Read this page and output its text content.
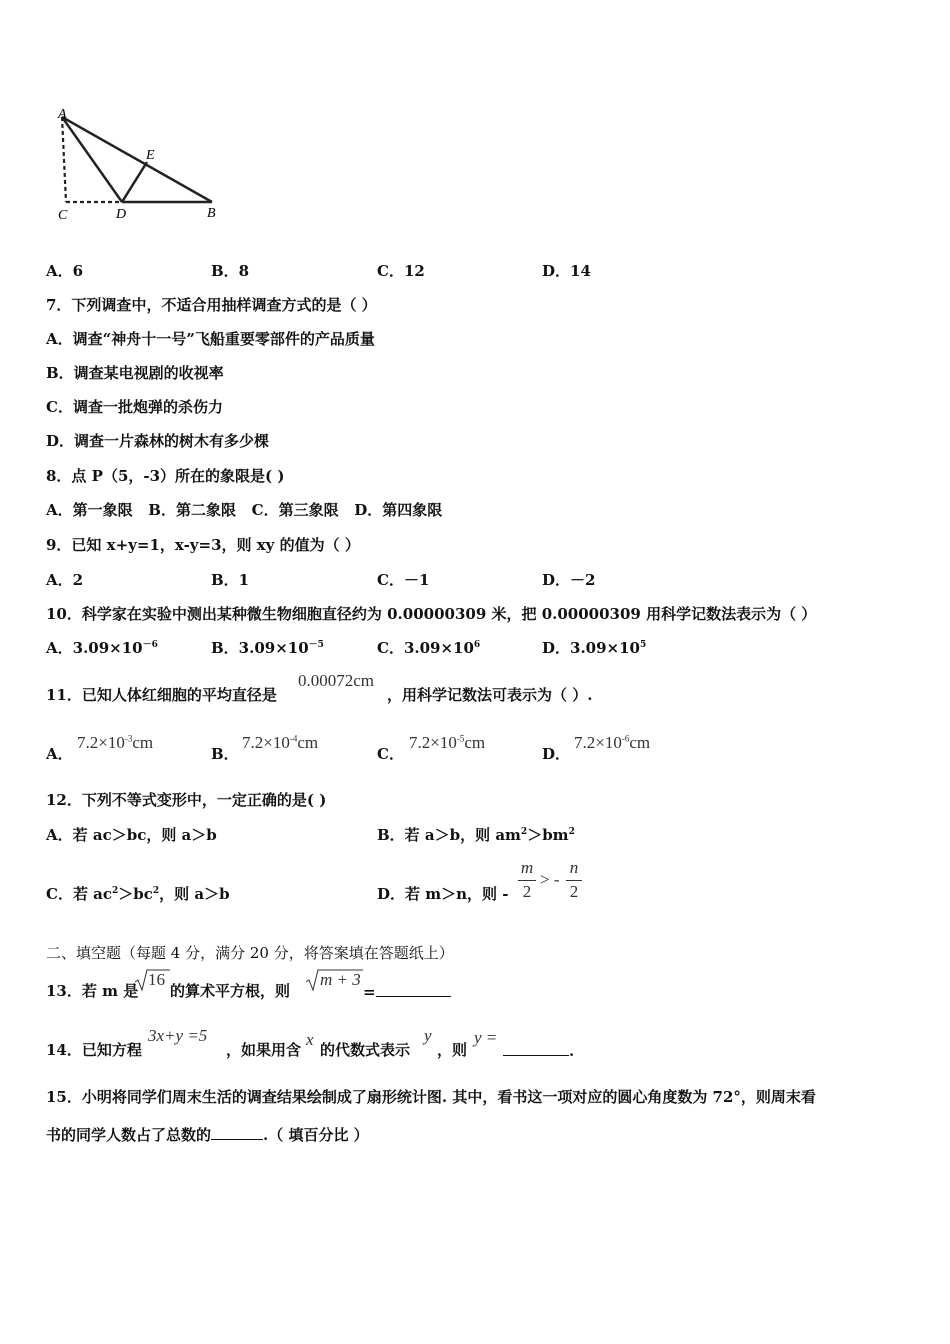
A
E
C	D	B
A．6	B．8	C．12	D．14
7．下列调查中，不适合用抽样调查方式的是（ ）
A．调查“神舟十一号”飞船重要零部件的产品质量
B．调查某电视剧的收视率
C．调查一批炮弹的杀伤力
D．调查一片森林的树木有多少棵
8．点 P（5，-3）所在的象限是( )
A．第一象限   B．第二象限   C．第三象限   D．第四象限
9．已知 x+y=1，x-y=3，则 xy 的值为（ ）
A．2	B．1	C．－1	D．－2
10．科学家在实验中测出某种微生物细胞直径约为 0.00000309 米，把 0.00000309 用科学记数法表示为（ ）
A．$3.09\times 10^{-6}$	B．$3.09\times 10^{-5}$	C．$3.09\times 10^6$	D．$3.09\times 10^5$
11．已知人体红细胞的平均直径是
0.00072cm
，用科学记数法可表示为（ ）.
A．
$7.2\times 10^{-3}cm$
B．
$7.2\times 10^{-4}cm$
C．
$7.2\times 10^{-5}cm$
D．
$7.2\times 10^{-6}cm$
12．下列不等式变形中，一定正确的是( )
A．若 ac＞bc，则 a＞b	B．若 a＞b，则 $am^2>bm^2$
C．若 $ac^2>bc^2$，则 a＞b	D．若 m＞n，则 -
m
2
> -
n
2
二、填空题（每题 4 分，满分 20 分，将答案填在答题纸上）
13．若 m 是
16
的算术平方根，则
m + 3
=
14．已知方程
3x+y =5
，如果用含
x
的代数式表示
y
，则
y =
.
15．小明将同学们周末生活的调查结果绘制成了扇形统计图. 其中，看书这一项对应的圆心角度数为 72°，则周末看
书的同学人数占了总数的	.（ 填百分比 ）
